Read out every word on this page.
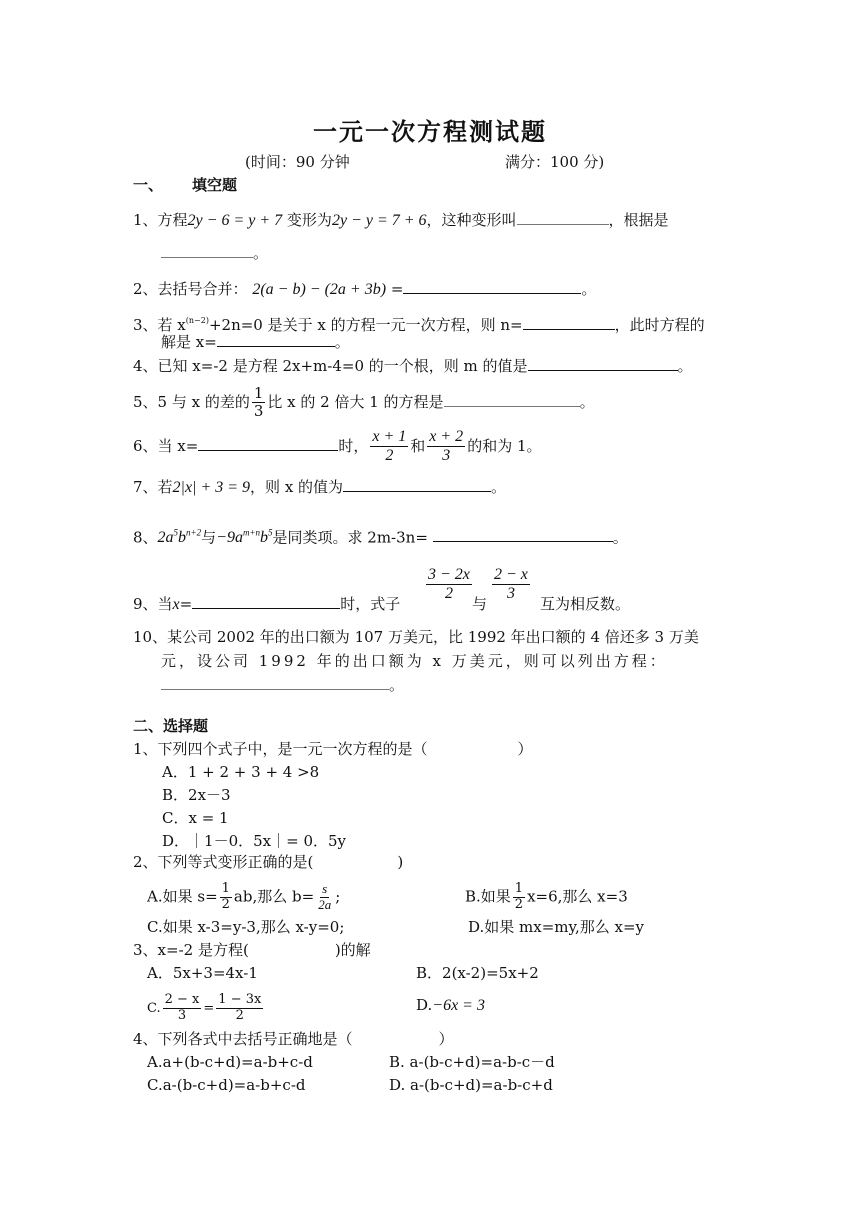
一元一次方程测试题
(时间：90 分钟	满分：100 分)
一、 填空题
1、方程2y − 6 = y + 7 变形为2y − y = 7 + 6，这种变形叫	，根据是
。
2、去括号合并： 2(a − b) − (2a + 3b) =	。
3、若 $x^{(n-2)}+2n=0$ 是关于 x 的方程一元一次方程，则 n=	，此时方程的
解是 x=	。
4、已知 x=-2 是方程 2x+m-4=0 的一个根，则 m 的值是	。
5、5 与 x 的差的 $\frac{1}{3}$ 比 x 的 2 倍大 1 的方程是	。
6、当 x=	时， $\frac{x + 1}{2}$ 和 $\frac{x + 2}{3}$ 的和为 1。
7、若2|x| + 3 = 9，则 x 的值为	。
8、$2a^5b^{n+2}$与$-9a^{m+n}b^5$是同类项。求 2m-3n=	。
9、当x=	时，式子
$\frac{3 - 2x}{2}$
与
$\frac{2 - x}{3}$
互为相反数。
10、某公司 2002 年的出口额为 107 万美元，比 1992 年出口额的 4 倍还多 3 万美
元，设公司 1992 年的出口额为 x 万美元，则可以列出方程：
。
二、选择题
1、下列四个式子中，是一元一次方程的是（	）
A．1 + 2 + 3 + 4 >8
B．2x－3
C．x = 1
D．｜1－0．5x｜= 0．5y
2、下列等式变形正确的是(	)
A.如果 $s= \frac{1}{2}$ ab,那么 $b= \frac{s}{2a}$ ;	B.如果 $\frac{1}{2} x=6$,那么 x=3
C.如果 x-3=y-3,那么 x-y=0;	D.如果 mx=my,那么 x=y
3、x=-2 是方程(	)的解
A．5x+3=4x-1	B．2(x-2)=5x+2
C. $\frac{2 - x}{3} = \frac{1 - 3x}{2}$	D.−6x = 3
4、下列各式中去括号正确地是（	）
A.a+(b-c+d)=a-b+c-d	B. a-(b-c+d)=a-b-c－d
C.a-(b-c+d)=a-b+c-d	D. a-(b-c+d)=a-b-c+d
